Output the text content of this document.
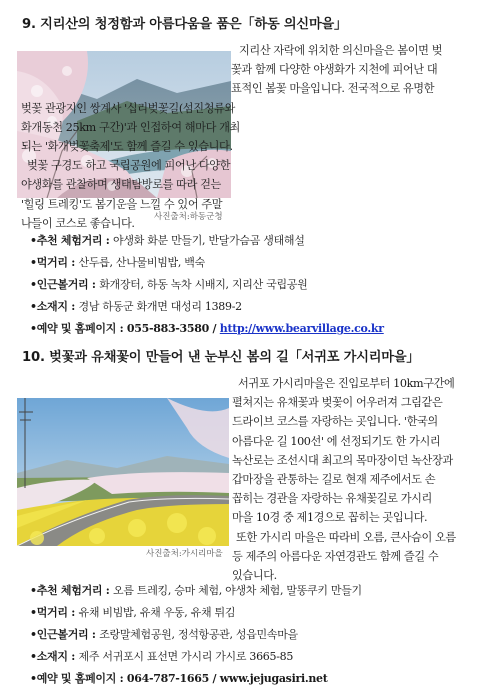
9. 지리산의 청정함과 아름다움을 품은「하동 의신마을」
사진출처:하동군청
지리산 자락에 위치한 의신마을은 봄이면 벚
꽃과 함께 다양한 야생화가 지천에 피어난 대
표적인 봄꽃 마을입니다. 전국적으로 유명한
벚꽃 관광지인 쌍계사 '십리벚꽃길(섬진청류와
화개동천 25km 구간)'과 인접하여 해마다 개최
되는 '화개벚꽃축제'도 함께 즐길 수 있습니다.
벚꽃 구경도 하고 국립공원에 피어난 다양한
야생화를 관찰하며 생태탐방로를 따라 걷는
'힐링 트레킹'도 봄기운을 느낄 수 있어 주말
나들이 코스로 좋습니다.
•추천 체험거리 : 야생화 화분 만들기, 반달가슴곰 생태해설
•먹거리 : 산두릅, 산나물비빔밥, 백숙
•인근볼거리 : 화개장터, 하동 녹차 시배지, 지리산 국립공원
•소재지 : 경남 하동군 화개면 대성리 1389-2
•예약 및 홈페이지 : 055-883-3580 / http://www.bearvillage.co.kr
10. 벚꽃과 유채꽃이 만들어 낸 눈부신 봄의 길「서귀포 가시리마을」
사진출처:가시리마을
서귀포 가시리마을은 진입로부터 10km구간에
펼쳐지는 유채꽃과 벚꽃이 어우러져 그림같은
드라이브 코스를 자랑하는 곳입니다. '한국의
아름다운 길 100선' 에 선정되기도 한 가시리
녹산로는 조선시대 최고의 목마장이던 녹산장과
갑마장을 관통하는 길로 현재 제주에서도 손
꼽히는 경관을 자랑하는 유채꽃길로 가시리
마을 10경 중 제1경으로 꼽히는 곳입니다.
또한 가시리 마을은 따라비 오름, 큰사슴이 오름
등 제주의 아름다운 자연경관도 함께 즐길 수
있습니다.
•추천 체험거리 : 오름 트레킹, 승마 체험, 야생차 체험, 말똥쿠키 만들기
•먹거리 : 유채 비빔밥, 유채 우동, 유채 튀김
•인근볼거리 : 조랑말체험공원, 정석항공관, 성읍민속마을
•소재지 : 제주 서귀포시 표선면 가시리 가시로 3665-85
•예약 및 홈페이지 : 064-787-1665 / www.jejugasiri.net
